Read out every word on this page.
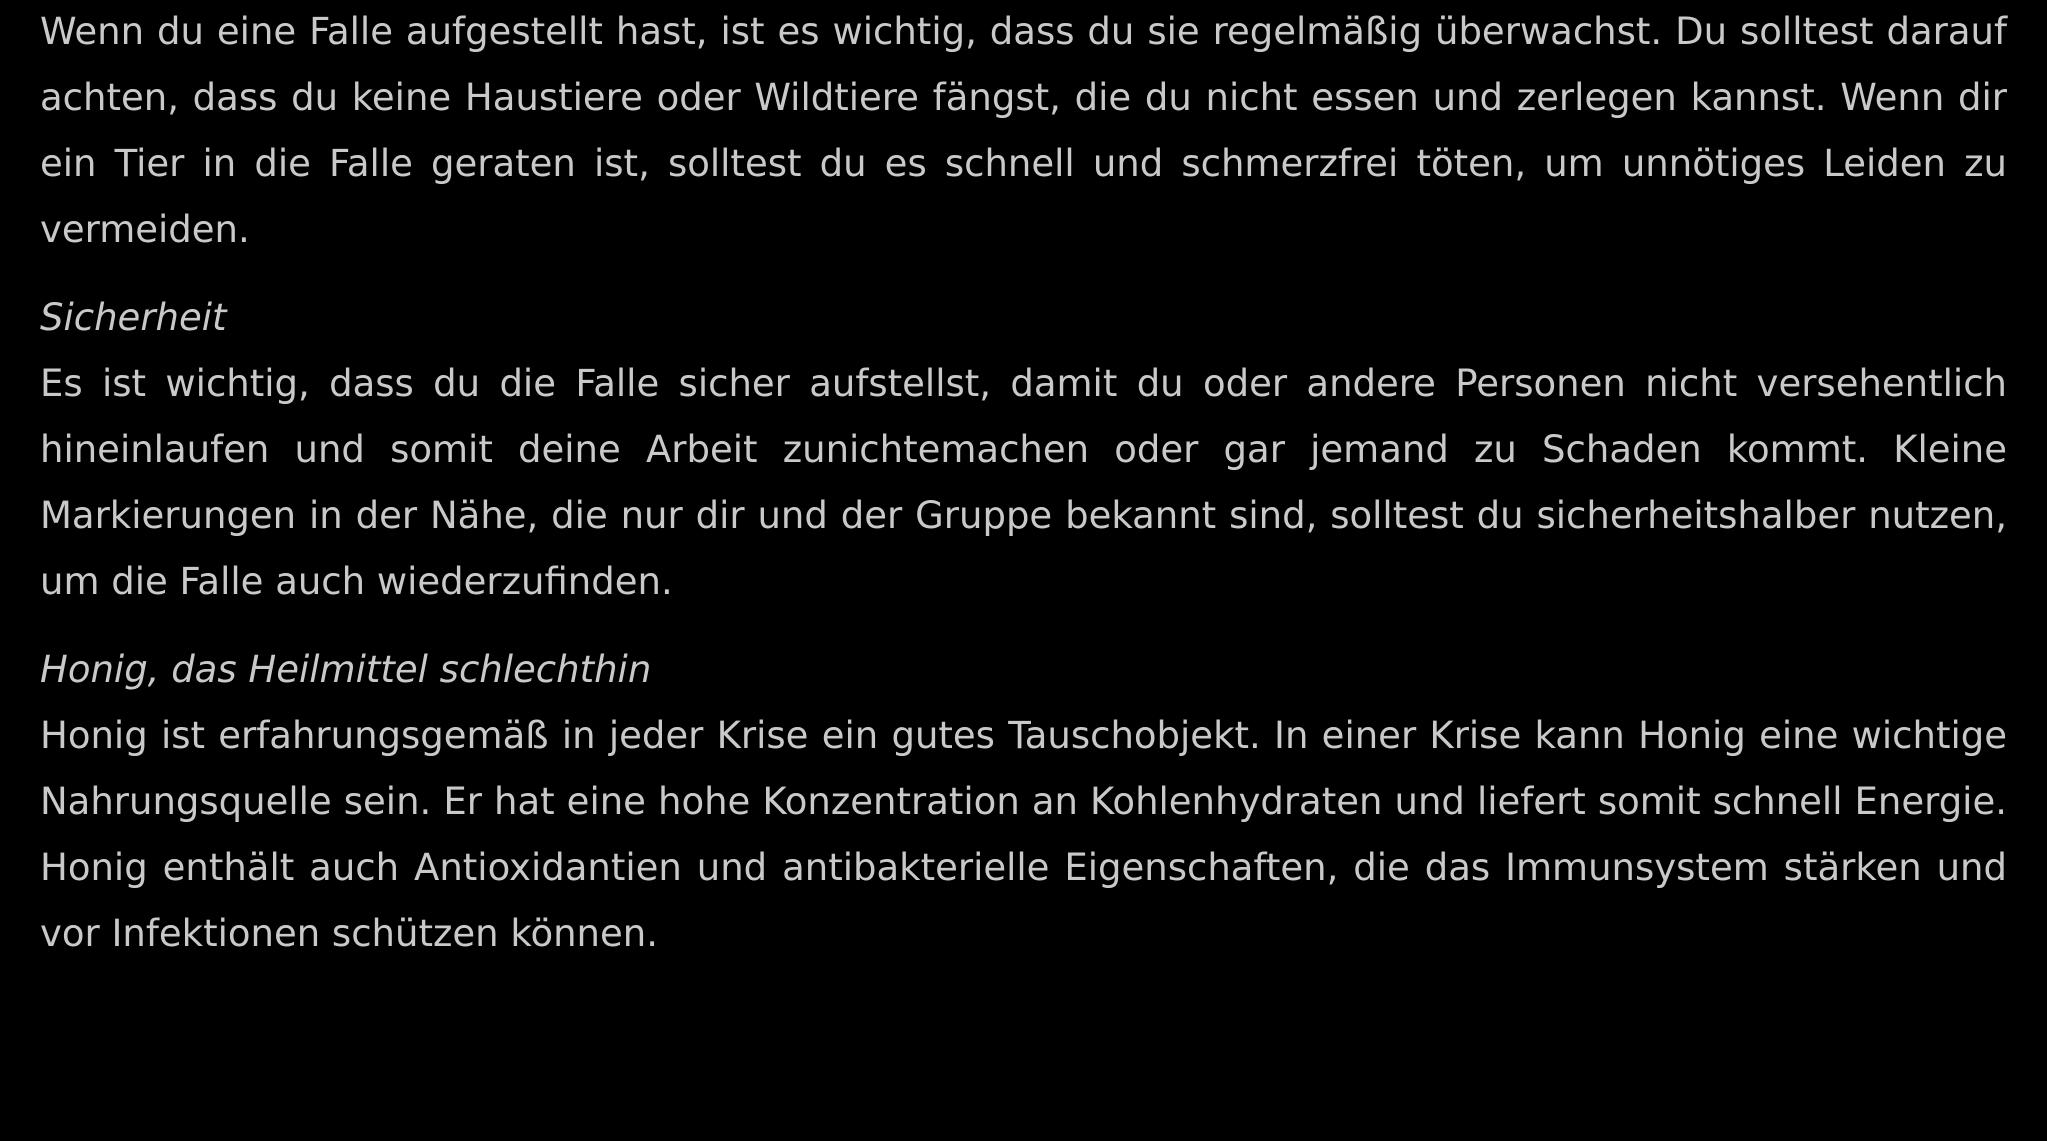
Wenn du eine Falle aufgestellt hast, ist es wichtig, dass du sie regelmäßig überwachst. Du solltest darauf achten, dass du keine Haustiere oder Wildtiere fängst, die du nicht essen und zerlegen kannst. Wenn dir ein Tier in die Falle geraten ist, solltest du es schnell und schmerzfrei töten, um unnötiges Leiden zu vermeiden.

Sicherheit

Es ist wichtig, dass du die Falle sicher aufstellst, damit du oder andere Personen nicht versehentlich hineinlaufen und somit deine Arbeit zunichtemachen oder gar jemand zu Schaden kommt. Kleine Markierungen in der Nähe, die nur dir und der Gruppe bekannt sind, solltest du sicherheitshalber nutzen, um die Falle auch wiederzufinden.

Honig, das Heilmittel schlechthin

Honig ist erfahrungsgemäß in jeder Krise ein gutes Tauschobjekt. In einer Krise kann Honig eine wichtige Nahrungsquelle sein. Er hat eine hohe Konzentration an Kohlenhydraten und liefert somit schnell Energie. Honig enthält auch Antioxidantien und antibakterielle Eigenschaften, die das Immunsystem stärken und vor Infektionen schützen können.
